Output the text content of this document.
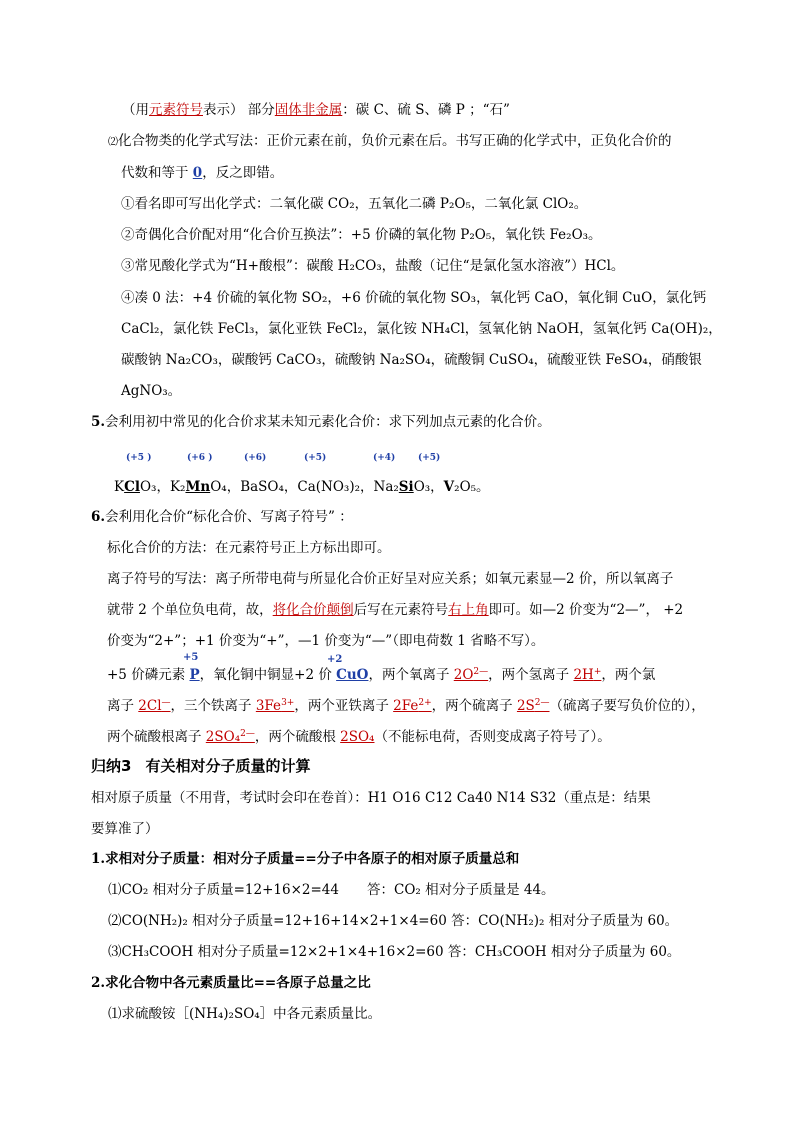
（用元素符号表示） 部分固体非金属：碳 C、硫 S、磷 P ；“石”
⑵化合物类的化学式写法：正价元素在前，负价元素在后。书写正确的化学式中，正负化合价的
代数和等于 0，反之即错。
①看名即可写出化学式：二氧化碳 CO₂，五氧化二磷 P₂O₅，二氧化氯 ClO₂。
②奇偶化合价配对用“化合价互换法”：+5 价磷的氧化物 P₂O₅，氧化铁 Fe₂O₃。
③常见酸化学式为“H+酸根”：碳酸 H₂CO₃，盐酸（记住“是氯化氢水溶液”）HCl。
④凑 0 法：+4 价硫的氧化物 SO₂，+6 价硫的氧化物 SO₃，氧化钙 CaO，氧化铜 CuO，氯化钙
CaCl₂，氯化铁 FeCl₃，氯化亚铁 FeCl₂，氯化铵 NH₄Cl，氢氧化钠 NaOH，氢氧化钙 Ca(OH)₂，
碳酸钠 Na₂CO₃，碳酸钙 CaCO₃，硫酸钠 Na₂SO₄，硫酸铜 CuSO₄，硫酸亚铁 FeSO₄，硝酸银
AgNO₃。
5.会利用初中常见的化合价求某未知元素化合价：求下列加点元素的化合价。
(+5 )	(+6 )	(+6)	(+5)	(+4)	(+5)
KClO₃，K₂MnO₄，BaSO₄，Ca(NO₃)₂，Na₂SiO₃，V₂O₅。
6.会利用化合价“标化合价、写离子符号” ：
标化合价的方法：在元素符号正上方标出即可。
离子符号的写法：离子所带电荷与所显化合价正好呈对应关系；如氧元素显—2 价，所以氧离子
就带 2 个单位负电荷，故，将化合价颠倒后写在元素符号右上角即可。如—2 价变为“2—”， +2
价变为“2+”；+1 价变为“+”，—1 价变为“—”（即电荷数 1 省略不写）。
+5	+2
+5 价磷元素 P，氧化铜中铜显+2 价 CuO，两个氧离子 $2O^{2—}$，两个氢离子 2H+，两个氯
离子 2Cl—，三个铁离子 $3Fe^{3+}$，两个亚铁离子 $2Fe^{2+}$，两个硫离子 $2S^{2—}$（硫离子要写负价位的），
两个硫酸根离子 2SO₄$^{2—}$，两个硫酸根 2SO₄（不能标电荷，否则变成离子符号了）。
归纳3 有关相对分子质量的计算
相对原子质量（不用背，考试时会印在卷首）：H1 O16 C12 Ca40 N14 S32（重点是：结果
要算准了）
1.求相对分子质量：相对分子质量==分子中各原子的相对原子质量总和
⑴CO₂ 相对分子质量=12+16×2=44 答：CO₂ 相对分子质量是 44。
⑵CO(NH₂)₂ 相对分子质量=12+16+14×2+1×4=60 答：CO(NH₂)₂ 相对分子质量为 60。
⑶CH₃COOH 相对分子质量=12×2+1×4+16×2=60 答：CH₃COOH 相对分子质量为 60。
2.求化合物中各元素质量比==各原子总量之比
⑴求硫酸铵［(NH₄)₂SO₄］中各元素质量比。
